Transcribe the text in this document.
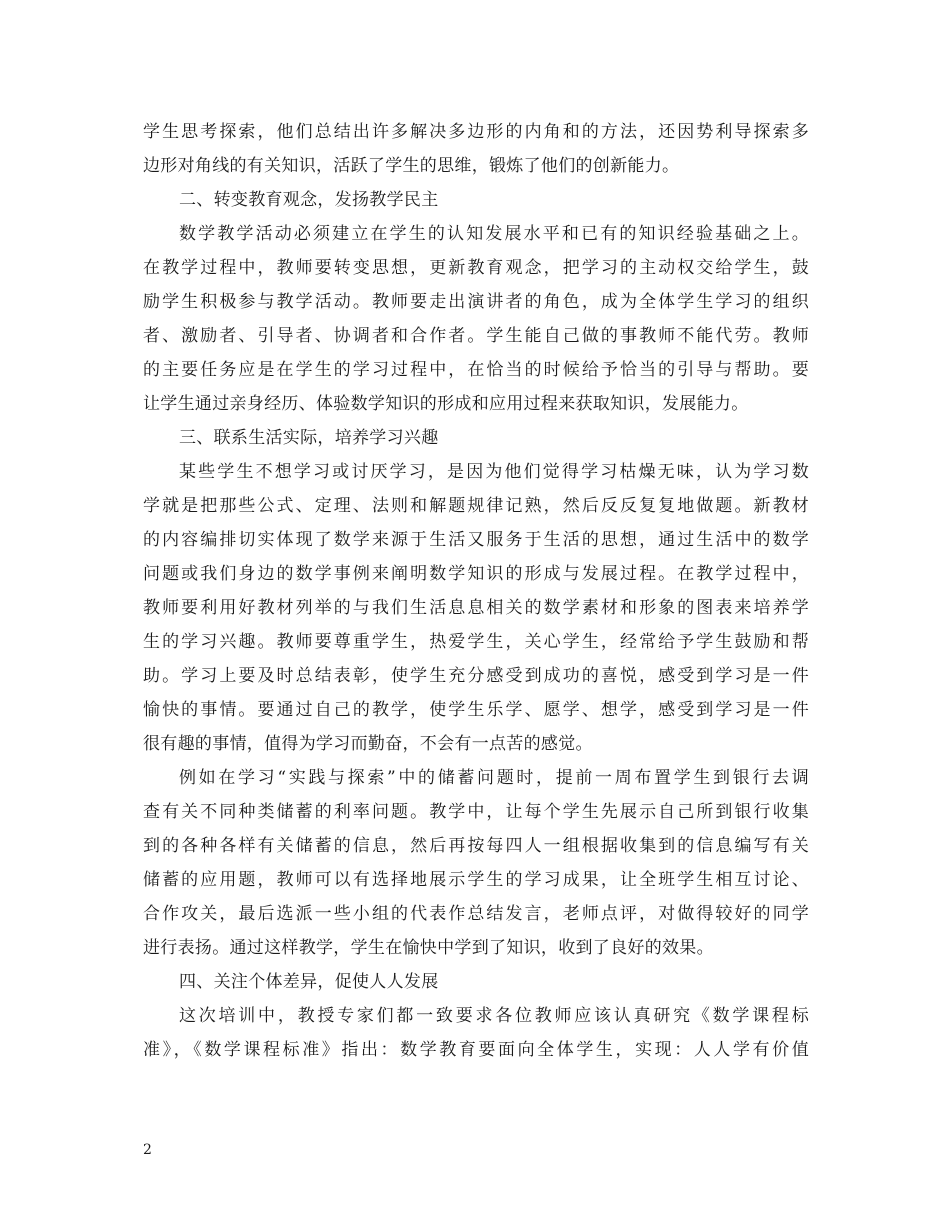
学生思考探索，他们总结出许多解决多边形的内角和的方法，还因势利导探索多
边形对角线的有关知识，活跃了学生的思维，锻炼了他们的创新能力。
二、转变教育观念，发扬教学民主
数学教学活动必须建立在学生的认知发展水平和已有的知识经验基础之上。
在教学过程中，教师要转变思想，更新教育观念，把学习的主动权交给学生，鼓
励学生积极参与教学活动。教师要走出演讲者的角色，成为全体学生学习的组织
者、激励者、引导者、协调者和合作者。学生能自己做的事教师不能代劳。教师
的主要任务应是在学生的学习过程中，在恰当的时候给予恰当的引导与帮助。要
让学生通过亲身经历、体验数学知识的形成和应用过程来获取知识，发展能力。
三、联系生活实际，培养学习兴趣
某些学生不想学习或讨厌学习，是因为他们觉得学习枯燥无味，认为学习数
学就是把那些公式、定理、法则和解题规律记熟，然后反反复复地做题。新教材
的内容编排切实体现了数学来源于生活又服务于生活的思想，通过生活中的数学
问题或我们身边的数学事例来阐明数学知识的形成与发展过程。在教学过程中，
教师要利用好教材列举的与我们生活息息相关的数学素材和形象的图表来培养学
生的学习兴趣。教师要尊重学生，热爱学生，关心学生，经常给予学生鼓励和帮
助。学习上要及时总结表彰，使学生充分感受到成功的喜悦，感受到学习是一件
愉快的事情。要通过自己的教学，使学生乐学、愿学、想学，感受到学习是一件
很有趣的事情，值得为学习而勤奋，不会有一点苦的感觉。
例如在学习“实践与探索”中的储蓄问题时，提前一周布置学生到银行去调
查有关不同种类储蓄的利率问题。教学中，让每个学生先展示自己所到银行收集
到的各种各样有关储蓄的信息，然后再按每四人一组根据收集到的信息编写有关
储蓄的应用题，教师可以有选择地展示学生的学习成果，让全班学生相互讨论、
合作攻关，最后选派一些小组的代表作总结发言，老师点评，对做得较好的同学
进行表扬。通过这样教学，学生在愉快中学到了知识，收到了良好的效果。
四、关注个体差异，促使人人发展
这次培训中，教授专家们都一致要求各位教师应该认真研究《数学课程标
准》，《数学课程标准》指出：数学教育要面向全体学生，实现：人人学有价值
2
